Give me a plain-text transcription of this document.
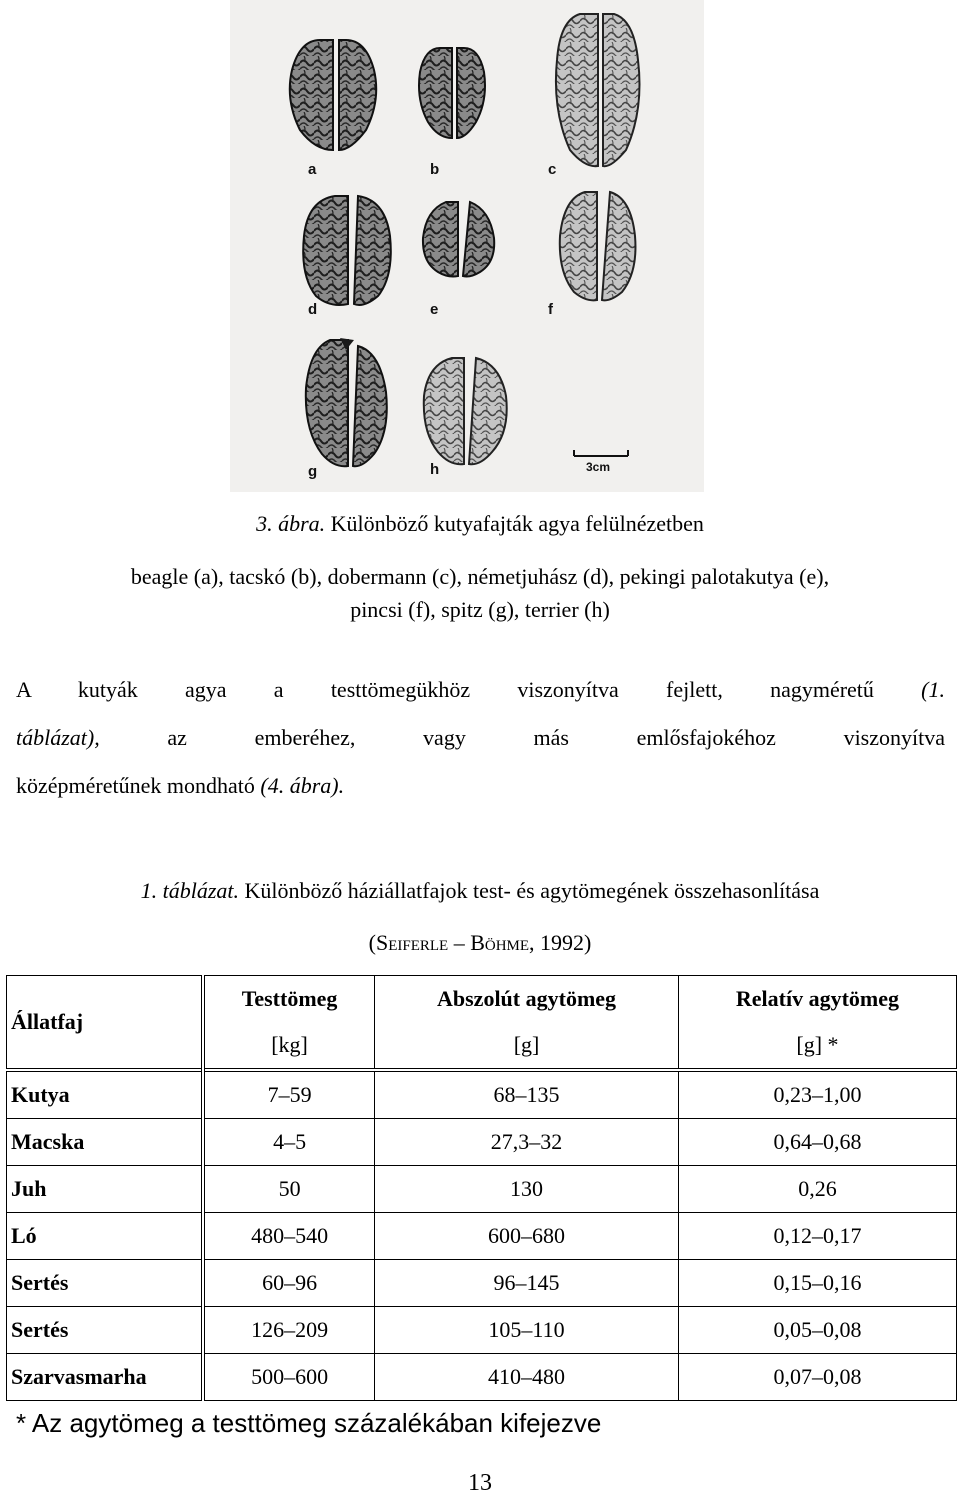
a	b	c
d	e	f
g	h	3cm
3. ábra. Különböző kutyafajták agya felülnézetben
beagle (a), tacskó (b), dobermann (c), németjuhász (d), pekingi palotakutya (e),
pincsi (f), spitz (g), terrier (h)
A kutyák agya a testtömegükhöz viszonyítva fejlett, nagyméretű (1.
táblázat),	az emberéhez, vagy más emlősfajokéhoz viszonyítva
középméretűnek mondható (4. ábra).
1. táblázat. Különböző háziállatfajok test- és agytömegének összehasonlítása
(Seiferle – Böhme, 1992)
Állatfaj	Testtömeg	Abszolút agytömeg	Relatív agytömeg
	[kg]	[g]	[g] *
Kutya	7–59	68–135	0,23–1,00
Macska	4–5	27,3–32	0,64–0,68
Juh	50	130	0,26
Ló	480–540	600–680	0,12–0,17
Sertés	60–96	96–145	0,15–0,16
Sertés	126–209	105–110	0,05–0,08
Szarvasmarha	500–600	410–480	0,07–0,08
* Az agytömeg a testtömeg százalékában kifejezve
13
